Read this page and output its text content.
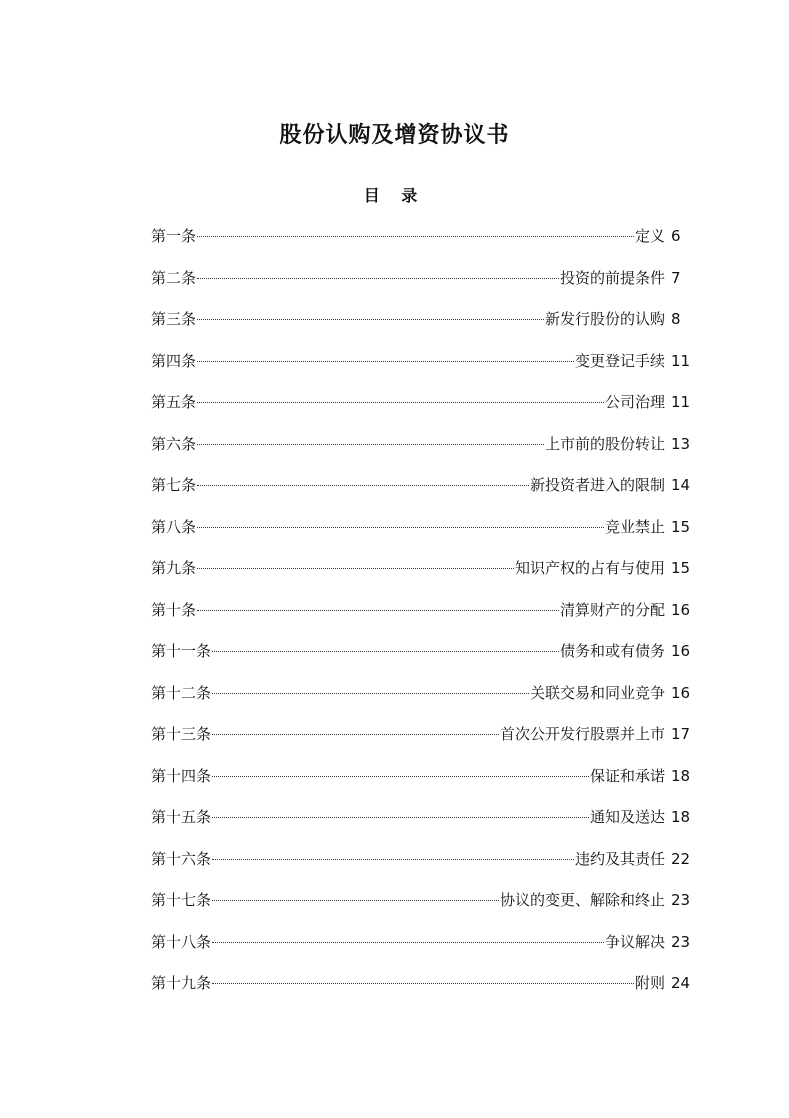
股份认购及增资协议书
目 录
第一条	定义 6
第二条	投资的前提条件 7
第三条	新发行股份的认购 8
第四条	变更登记手续 11
第五条	公司治理 11
第六条	上市前的股份转让 13
第七条	新投资者进入的限制 14
第八条	竞业禁止 15
第九条	知识产权的占有与使用 15
第十条	清算财产的分配 16
第十一条	债务和或有债务 16
第十二条	关联交易和同业竞争 16
第十三条	首次公开发行股票并上市 17
第十四条	保证和承诺 18
第十五条	通知及送达 18
第十六条	违约及其责任 22
第十七条	协议的变更、解除和终止 23
第十八条	争议解决 23
第十九条	附则 24
